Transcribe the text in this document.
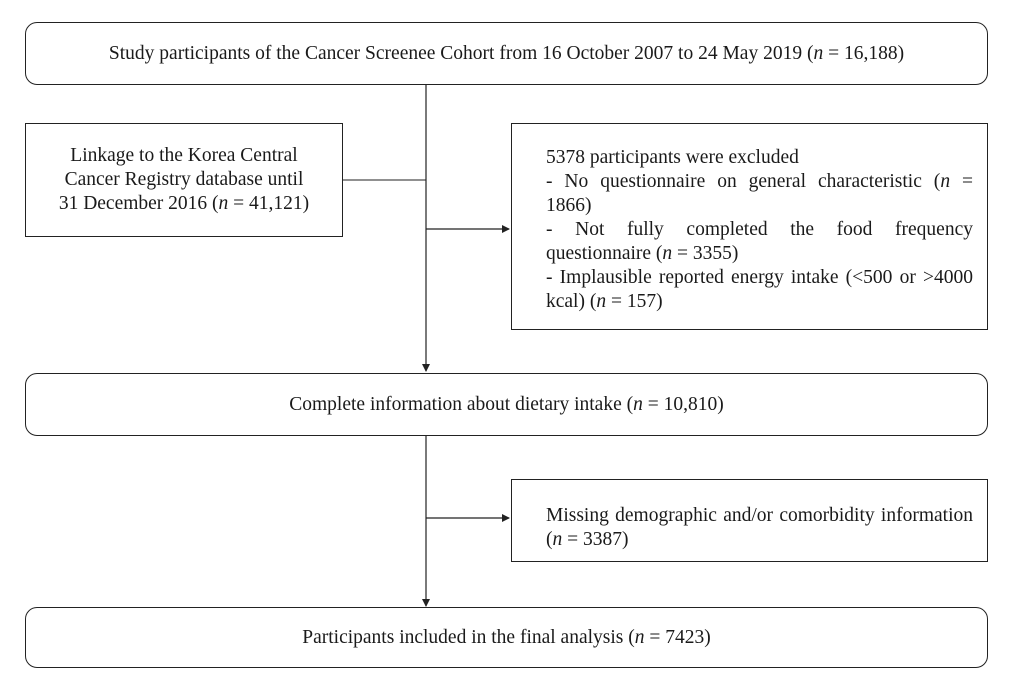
Study participants of the Cancer Screenee Cohort from 16 October 2007 to 24 May 2019 (n = 16,188)
Linkage to the Korea Central
Cancer Registry database until
31 December 2016 (n = 41,121)
5378 participants were excluded
- No questionnaire on general characteristic (n = 1866)
- Not fully completed the food frequency questionnaire (n = 3355)
- Implausible reported energy intake (<500 or >4000 kcal) (n = 157)
Complete information about dietary intake (n = 10,810)
Missing demographic and/or comorbidity information (n = 3387)
Participants included in the final analysis (n = 7423)
